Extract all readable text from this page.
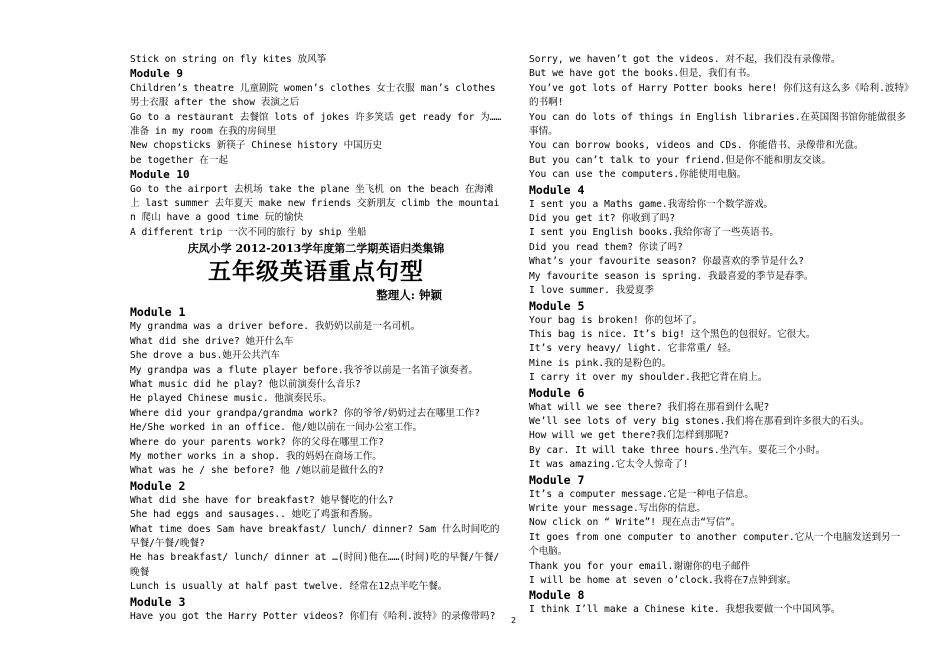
Stick on string on fly kites 放风筝
Module 9
Children’s theatre 儿童剧院 women’s clothes 女士衣服 man’s clothes 男士衣服 after the show 表演之后
Go to a restaurant 去餐馆 lots of jokes 许多笑话 get ready for 为……准备 in my room 在我的房间里
New chopsticks 新筷子 Chinese history 中国历史
be together 在一起
Module 10
Go to the airport 去机场 take the plane 坐飞机 on the beach 在海滩上 last summer 去年夏天 make new friends 交新朋友 climb the mountain 爬山 have a good time 玩的愉快
A different trip 一次不同的旅行 by ship 坐船
庆凤小学 2012-2013学年度第二学期英语归类集锦
五年级英语重点句型
整理人: 钟颖
Module 1
My grandma was a driver before. 我奶奶以前是一名司机。
What did she drive? 她开什么车
She drove a bus.她开公共汽车
My grandpa was a flute player before.我爷爷以前是一名笛子演奏者。
What music did he play? 他以前演奏什么音乐?
He played Chinese music. 他演奏民乐。
Where did your grandpa/grandma work? 你的爷爷/奶奶过去在哪里工作?
He/She worked in an office. 他/她以前在一间办公室工作。
Where do your parents work? 你的父母在哪里工作?
My mother works in a shop. 我的妈妈在商场工作。
What was he / she before? 他 /她以前是做什么的?
Module 2
What did she have for breakfast? 她早餐吃的什么?
She had eggs and sausages.. 她吃了鸡蛋和香肠。
What time does Sam have breakfast/ lunch/ dinner? Sam 什么时间吃的早餐/午餐/晚餐?
He has breakfast/ lunch/ dinner at …(时间)他在……(时间)吃的早餐/午餐/晚餐
Lunch is usually at half past twelve. 经常在12点半吃午餐。
Module 3
Have you got the Harry Potter videos? 你们有《哈利.波特》的录像带吗?
Sorry, we haven’t got the videos. 对不起，我们没有录像带。
But we have got the books.但是，我们有书。
You’ve got lots of Harry Potter books here! 你们这有这么多《哈利.波特》的书啊!
You can do lots of things in English libraries.在英国图书馆你能做很多事情。
You can borrow books, videos and CDs. 你能借书、录像带和光盘。
But you can’t talk to your friend.但是你不能和朋友交谈。
You can use the computers.你能使用电脑。
Module 4
I sent you a Maths game.我寄给你一个数学游戏。
Did you get it? 你收到了吗?
I sent you English books.我给你寄了一些英语书。
Did you read them? 你读了吗?
What’s your favourite season? 你最喜欢的季节是什么?
My favourite season is spring. 我最喜爱的季节是春季。
I love summer. 我爱夏季
Module 5
Your bag is broken! 你的包坏了。
This bag is nice. It’s big! 这个黑色的包很好。它很大。
It’s very heavy/ light. 它非常重/ 轻。
Mine is pink.我的是粉色的。
I carry it over my shoulder.我把它背在肩上。
Module 6
What will we see there? 我们将在那看到什么呢?
We’ll see lots of very big stones.我们将在那看到许多很大的石头。
How will we get there?我们怎样到那呢?
By car. It will take three hours.坐汽车。要花三个小时。
It was amazing.它太令人惊奇了!
Module 7
It’s a computer message.它是一种电子信息。
Write your message.写出你的信息。
Now click on “ Write”! 现在点击“写信”。
It goes from one computer to another computer.它从一个电脑发送到另一个电脑。
Thank you for your email.谢谢你的电子邮件
I will be home at seven o’clock.我将在7点钟到家。
Module 8
I think I’ll make a Chinese kite. 我想我要做一个中国风筝。
2
